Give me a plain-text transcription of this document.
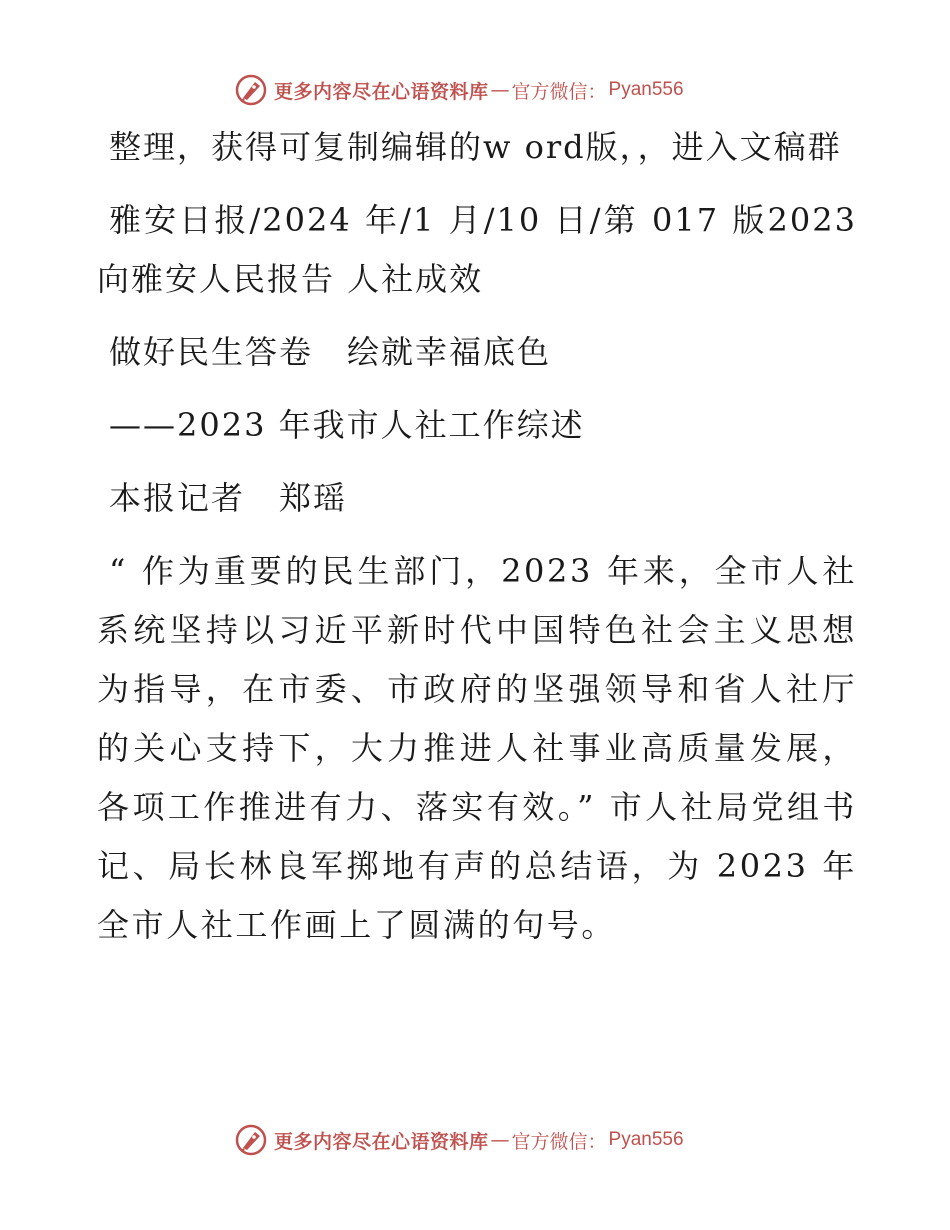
更多内容尽在心语资料库 — 官方微信： Pyan556

整理，获得可复制编辑的w ord版，，进入文稿群

雅安日报/2024 年/1 月/10 日/第 017 版2023向雅安人民报告 人社成效

做好民生答卷　绘就幸福底色

——2023 年我市人社工作综述

本报记者　郑瑶

“ 作为重要的民生部门，2023 年来，全市人社系统坚持以习近平新时代中国特色社会主义思想为指导，在市委、市政府的坚强领导和省人社厅的关心支持下，大力推进人社事业高质量发展，各项工作推进有力、落实有效。” 市人社局党组书记、局长林良军掷地有声的总结语，为 2023 年全市人社工作画上了圆满的句号。

更多内容尽在心语资料库 — 官方微信： Pyan556
